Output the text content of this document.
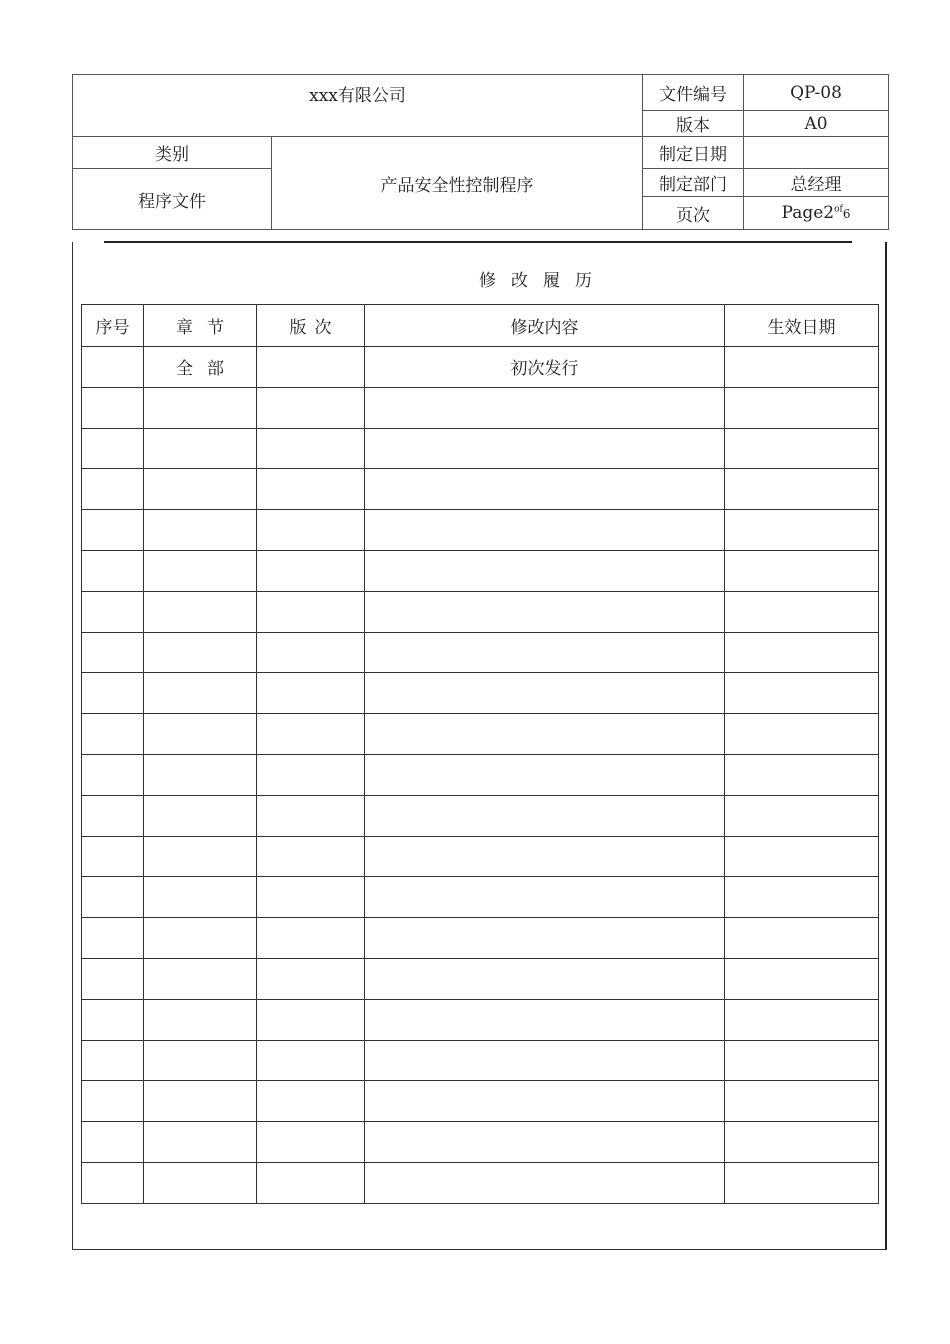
xxx有限公司		文件编号	QP-08
		版本	A0
类别	产品安全性控制程序	制定日期	
程序文件		制定部门	总经理
		页次	$Page2^{of}6$
修改履历
序号	章节	版次	修改内容	生效日期
	全部		初次发行	
